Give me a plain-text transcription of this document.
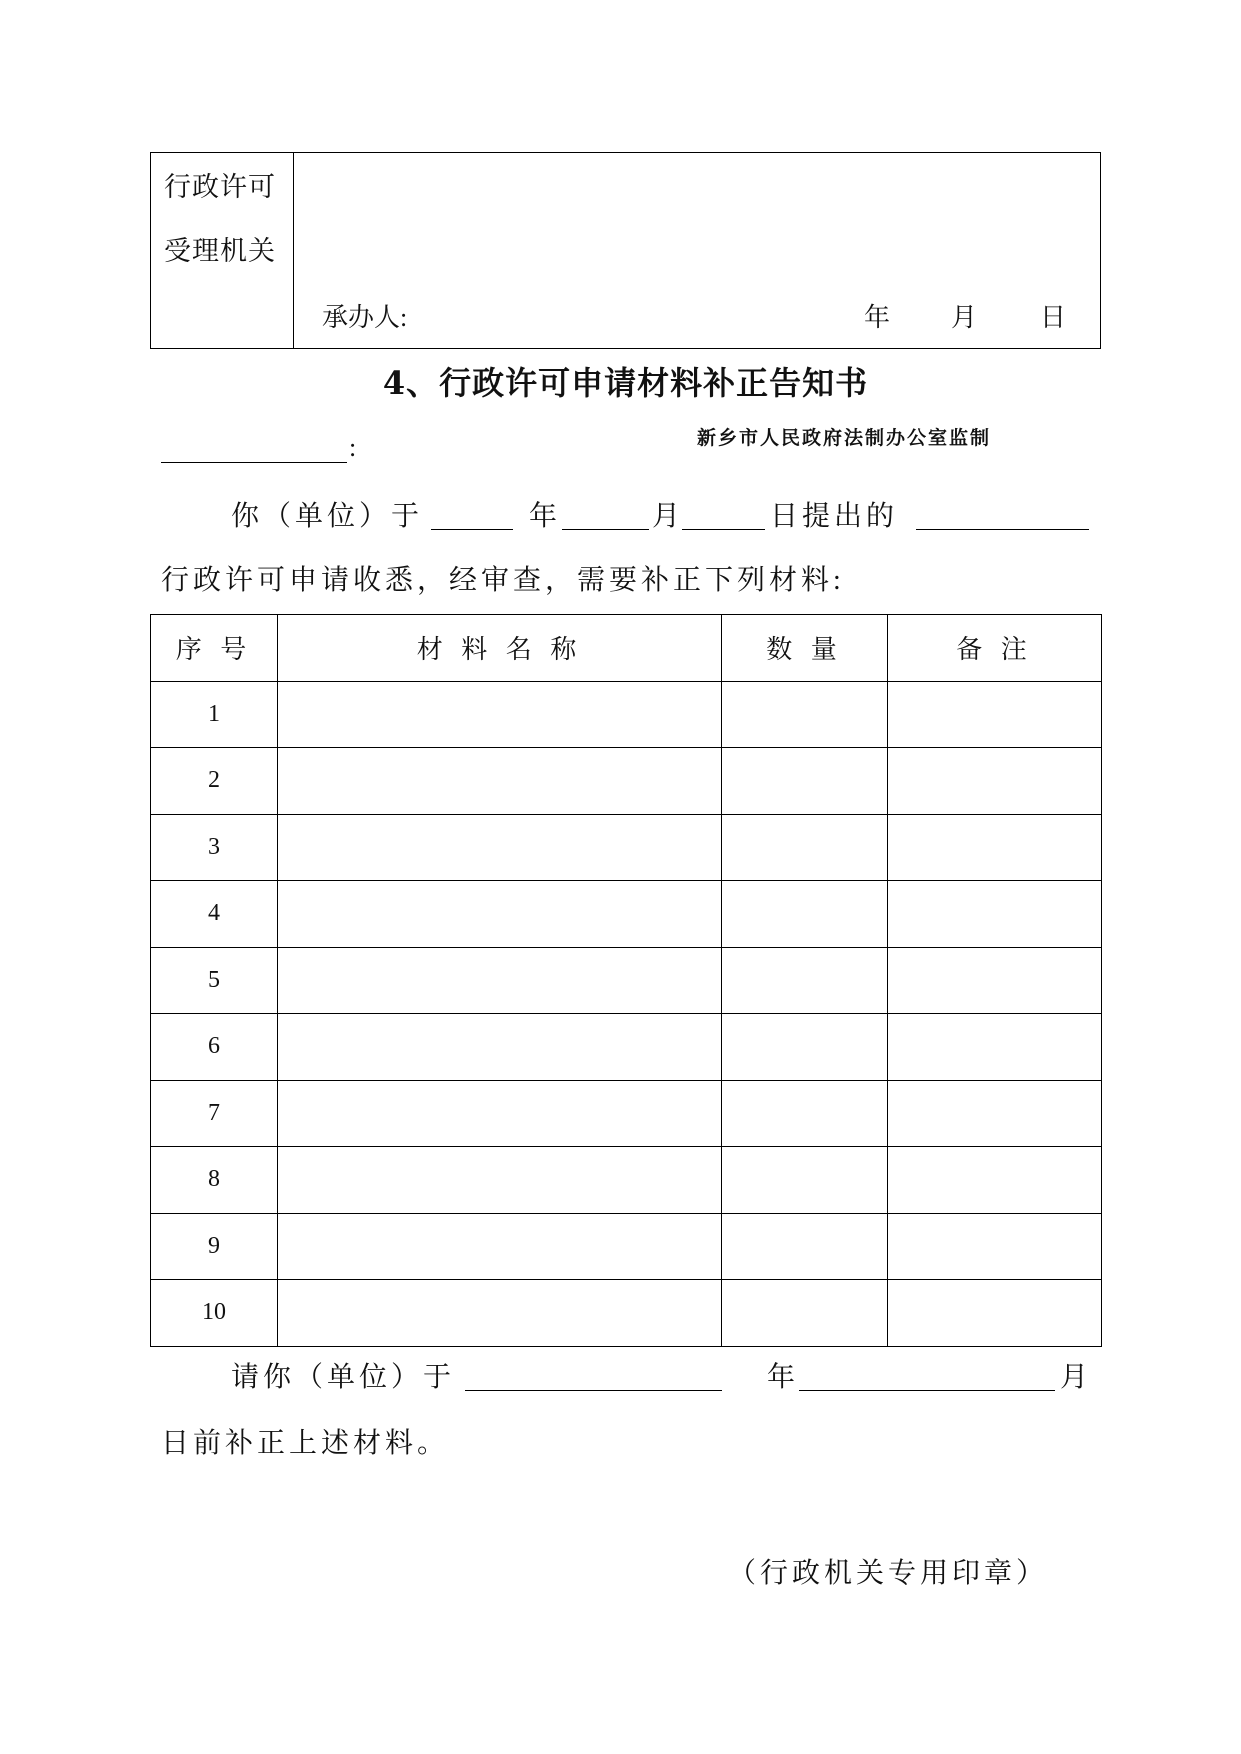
行政许可
受理机关
承办人:	年 月 日
4、行政许可申请材料补正告知书
:	新乡市人民政府法制办公室监制
你（单位）于	年	月	日提出的
行政许可申请收悉，经审查，需要补正下列材料:
序 号	材 料 名 称	数 量	备 注
1			
2			
3			
4			
5			
6			
7			
8			
9			
10			
请你（单位）于	年	月
日前补正上述材料。
（行政机关专用印章）
